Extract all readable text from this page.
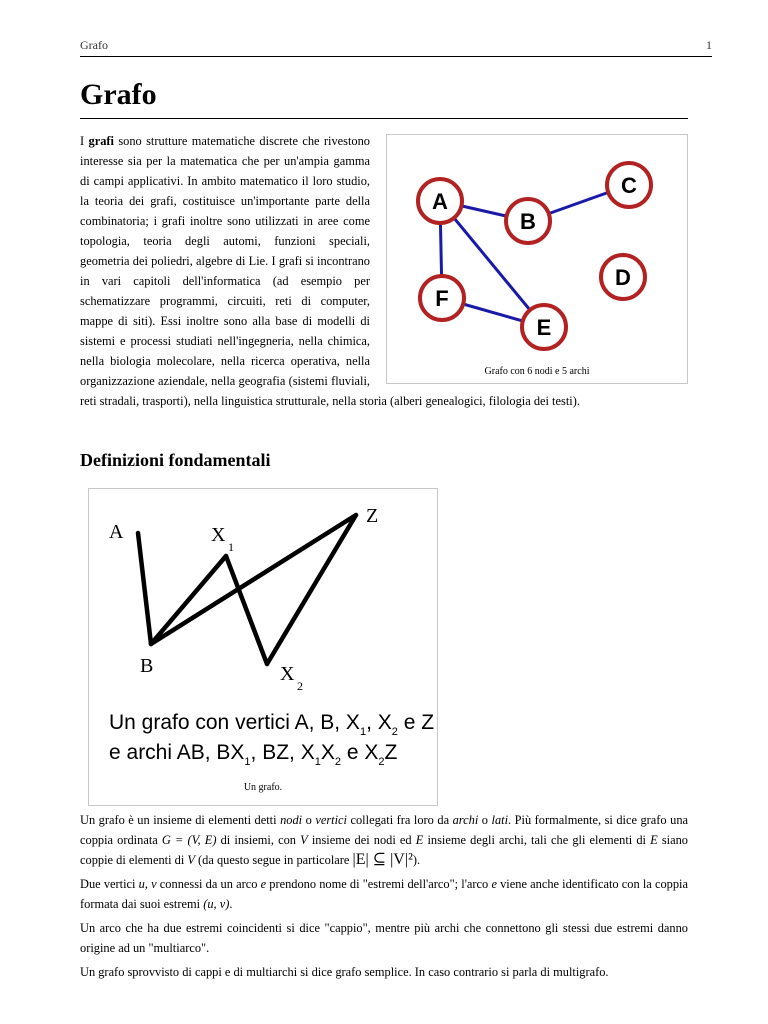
Grafo	1
Grafo
A
B
C
D
E
F
Grafo con 6 nodi e 5 archi
I grafi sono strutture matematiche discrete che rivestono interesse sia per la matematica che per un'ampia gamma di campi applicativi. In ambito matematico il loro studio, la teoria dei grafi, costituisce un'importante parte della combinatoria; i grafi inoltre sono utilizzati in aree come topologia, teoria degli automi, funzioni speciali, geometria dei poliedri, algebre di Lie. I grafi si incontrano in vari capitoli dell'informatica (ad esempio per schematizzare programmi, circuiti, reti di computer, mappe di siti). Essi inoltre sono alla base di modelli di sistemi e processi studiati nell'ingegneria, nella chimica, nella biologia molecolare, nella ricerca operativa, nella organizzazione aziendale, nella geografia (sistemi fluviali, reti stradali, trasporti), nella linguistica strutturale, nella storia (alberi genealogici, filologia dei testi).
Definizioni fondamentali
A	X
1
Z
B	X
2
Un grafo con vertici A, B, $X_1$, $X_2$ e Z
e archi AB, $BX_1$, BZ, $X_1X_2$ e $X_2Z$
Un grafo.

Un grafo è un insieme di elementi detti nodi o vertici collegati fra loro da archi o lati. Più formalmente, si dice grafo una coppia ordinata G = (V, E) di insiemi, con V insieme dei nodi ed E insieme degli archi, tali che gli elementi di E siano coppie di elementi di V (da questo segue in particolare |E| ⊆ |V|²).

Due vertici u, v connessi da un arco e prendono nome di "estremi dell'arco"; l'arco e viene anche identificato con la coppia formata dai suoi estremi (u, v).

Un arco che ha due estremi coincidenti si dice "cappio", mentre più archi che connettono gli stessi due estremi danno origine ad un "multiarco".

Un grafo sprovvisto di cappi e di multiarchi si dice grafo semplice. In caso contrario si parla di multigrafo.
